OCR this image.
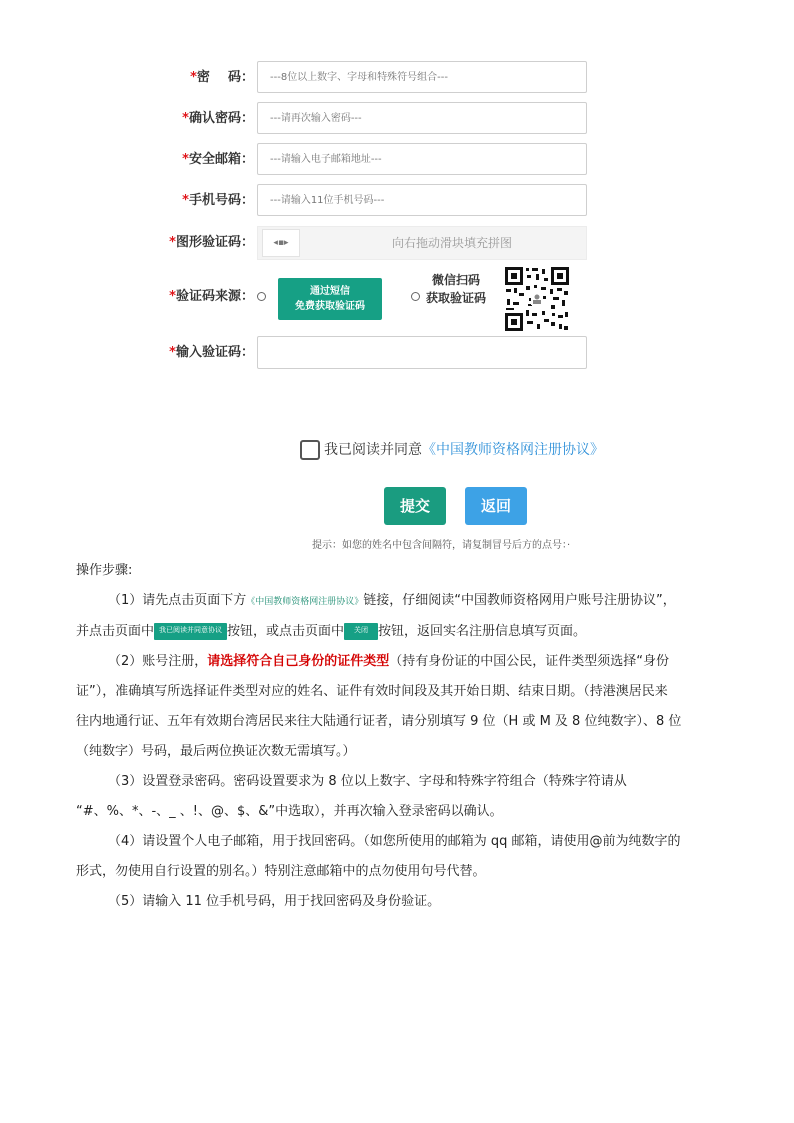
*密    码：
---8位以上数字、字母和特殊符号组合---
*确认密码：
---请再次输入密码---
*安全邮箱：
---请输入电子邮箱地址---
*手机号码：
---请输入11位手机号码---
*图形验证码：	◂▪▸	向右拖动滑块填充拼图
*验证码来源：	通过短信
免费获取验证码
微信扫码
获取验证码
*输入验证码：
我已阅读并同意《中国教师资格网注册协议》
提交	返回
提示：如您的姓名中包含间隔符，请复制冒号后方的点号：·

操作步骤:

（1）请先点击页面下方《中国教师资格网注册协议》链接，仔细阅读“中国教师资格网用户账号注册协议”，

并点击页面中 我已阅读并同意协议 按钮，或点击页面中 关闭 按钮，返回实名注册信息填写页面。

（2）账号注册，请选择符合自己身份的证件类型（持有身份证的中国公民，证件类型须选择“身份

证”），准确填写所选择证件类型对应的姓名、证件有效时间段及其开始日期、结束日期。（持港澳居民来

往内地通行证、五年有效期台湾居民来往大陆通行证者，请分别填写 9 位（H 或 M 及 8 位纯数字）、8 位

（纯数字）号码，最后两位换证次数无需填写。）

（3）设置登录密码。密码设置要求为 8 位以上数字、字母和特殊字符组合（特殊字符请从

“#、%、*、-、_ 、!、@、$、&”中选取），并再次输入登录密码以确认。

（4）请设置个人电子邮箱，用于找回密码。（如您所使用的邮箱为 qq 邮箱，请使用@前为纯数字的

形式，勿使用自行设置的别名。）特别注意邮箱中的点勿使用句号代替。

（5）请输入 11 位手机号码，用于找回密码及身份验证。
